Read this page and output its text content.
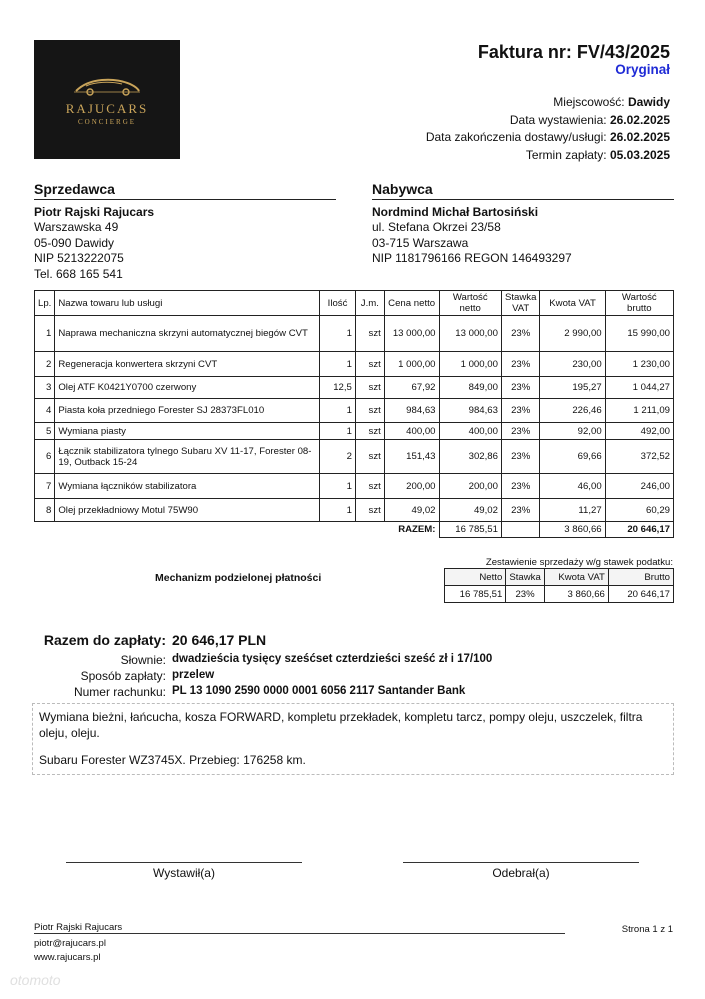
RAJUCARS
CONCIERGE
Faktura nr: FV/43/2025
Oryginał
Miejscowość: Dawidy
Data wystawienia: 26.02.2025
Data zakończenia dostawy/usługi: 26.02.2025
Termin zapłaty: 05.03.2025
Sprzedawca
Piotr Rajski Rajucars
Warszawska 49
05-090 Dawidy
NIP 5213222075
Tel. 668 165 541
Nabywca
Nordmind Michał Bartosiński
ul. Stefana Okrzei 23/58
03-715 Warszawa
NIP 1181796166 REGON 146493297
Lp.	Nazwa towaru lub usługi	Ilość	J.m.	Cena netto	Wartość netto	Stawka VAT	Kwota VAT	Wartość brutto
1	Naprawa mechaniczna skrzyni automatycznej biegów CVT	1	szt	13 000,00	13 000,00	23%	2 990,00	15 990,00
2	Regeneracja konwertera skrzyni CVT	1	szt	1 000,00	1 000,00	23%	230,00	1 230,00
3	Olej ATF K0421Y0700 czerwony	12,5	szt	67,92	849,00	23%	195,27	1 044,27
4	Piasta koła przedniego Forester SJ 28373FL010	1	szt	984,63	984,63	23%	226,46	1 211,09
5	Wymiana piasty	1	szt	400,00	400,00	23%	92,00	492,00
6	Łącznik stabilizatora tylnego Subaru XV 11-17, Forester 08-19, Outback 15-24	2	szt	151,43	302,86	23%	69,66	372,52
7	Wymiana łączników stabilizatora	1	szt	200,00	200,00	23%	46,00	246,00
8	Olej przekładniowy Motul 75W90	1	szt	49,02	49,02	23%	11,27	60,29
				RAZEM:	16 785,51		3 860,66	20 646,17
Zestawienie sprzedaży w/g stawek podatku:
Netto	Stawka	Kwota VAT	Brutto
16 785,51	23%	3 860,66	20 646,17
Mechanizm podzielonej płatności
Razem do zapłaty: 20 646,17 PLN
Słownie: dwadzieścia tysięcy sześćset czterdzieści sześć zł i 17/100
Sposób zapłaty: przelew
Numer rachunku: PL 13 1090 2590 0000 0001 6056 2117 Santander Bank

Wymiana bieżni, łańcucha, kosza FORWARD, kompletu przekładek, kompletu tarcz, pompy oleju, uszczelek, filtra oleju, oleju.

Subaru Forester WZ3745X. Przebieg: 176258 km.

Wystawił(a)	Odebrał(a)
Piotr Rajski Rajucars
piotr@rajucars.pl
www.rajucars.pl
Strona 1 z 1
otomoto
